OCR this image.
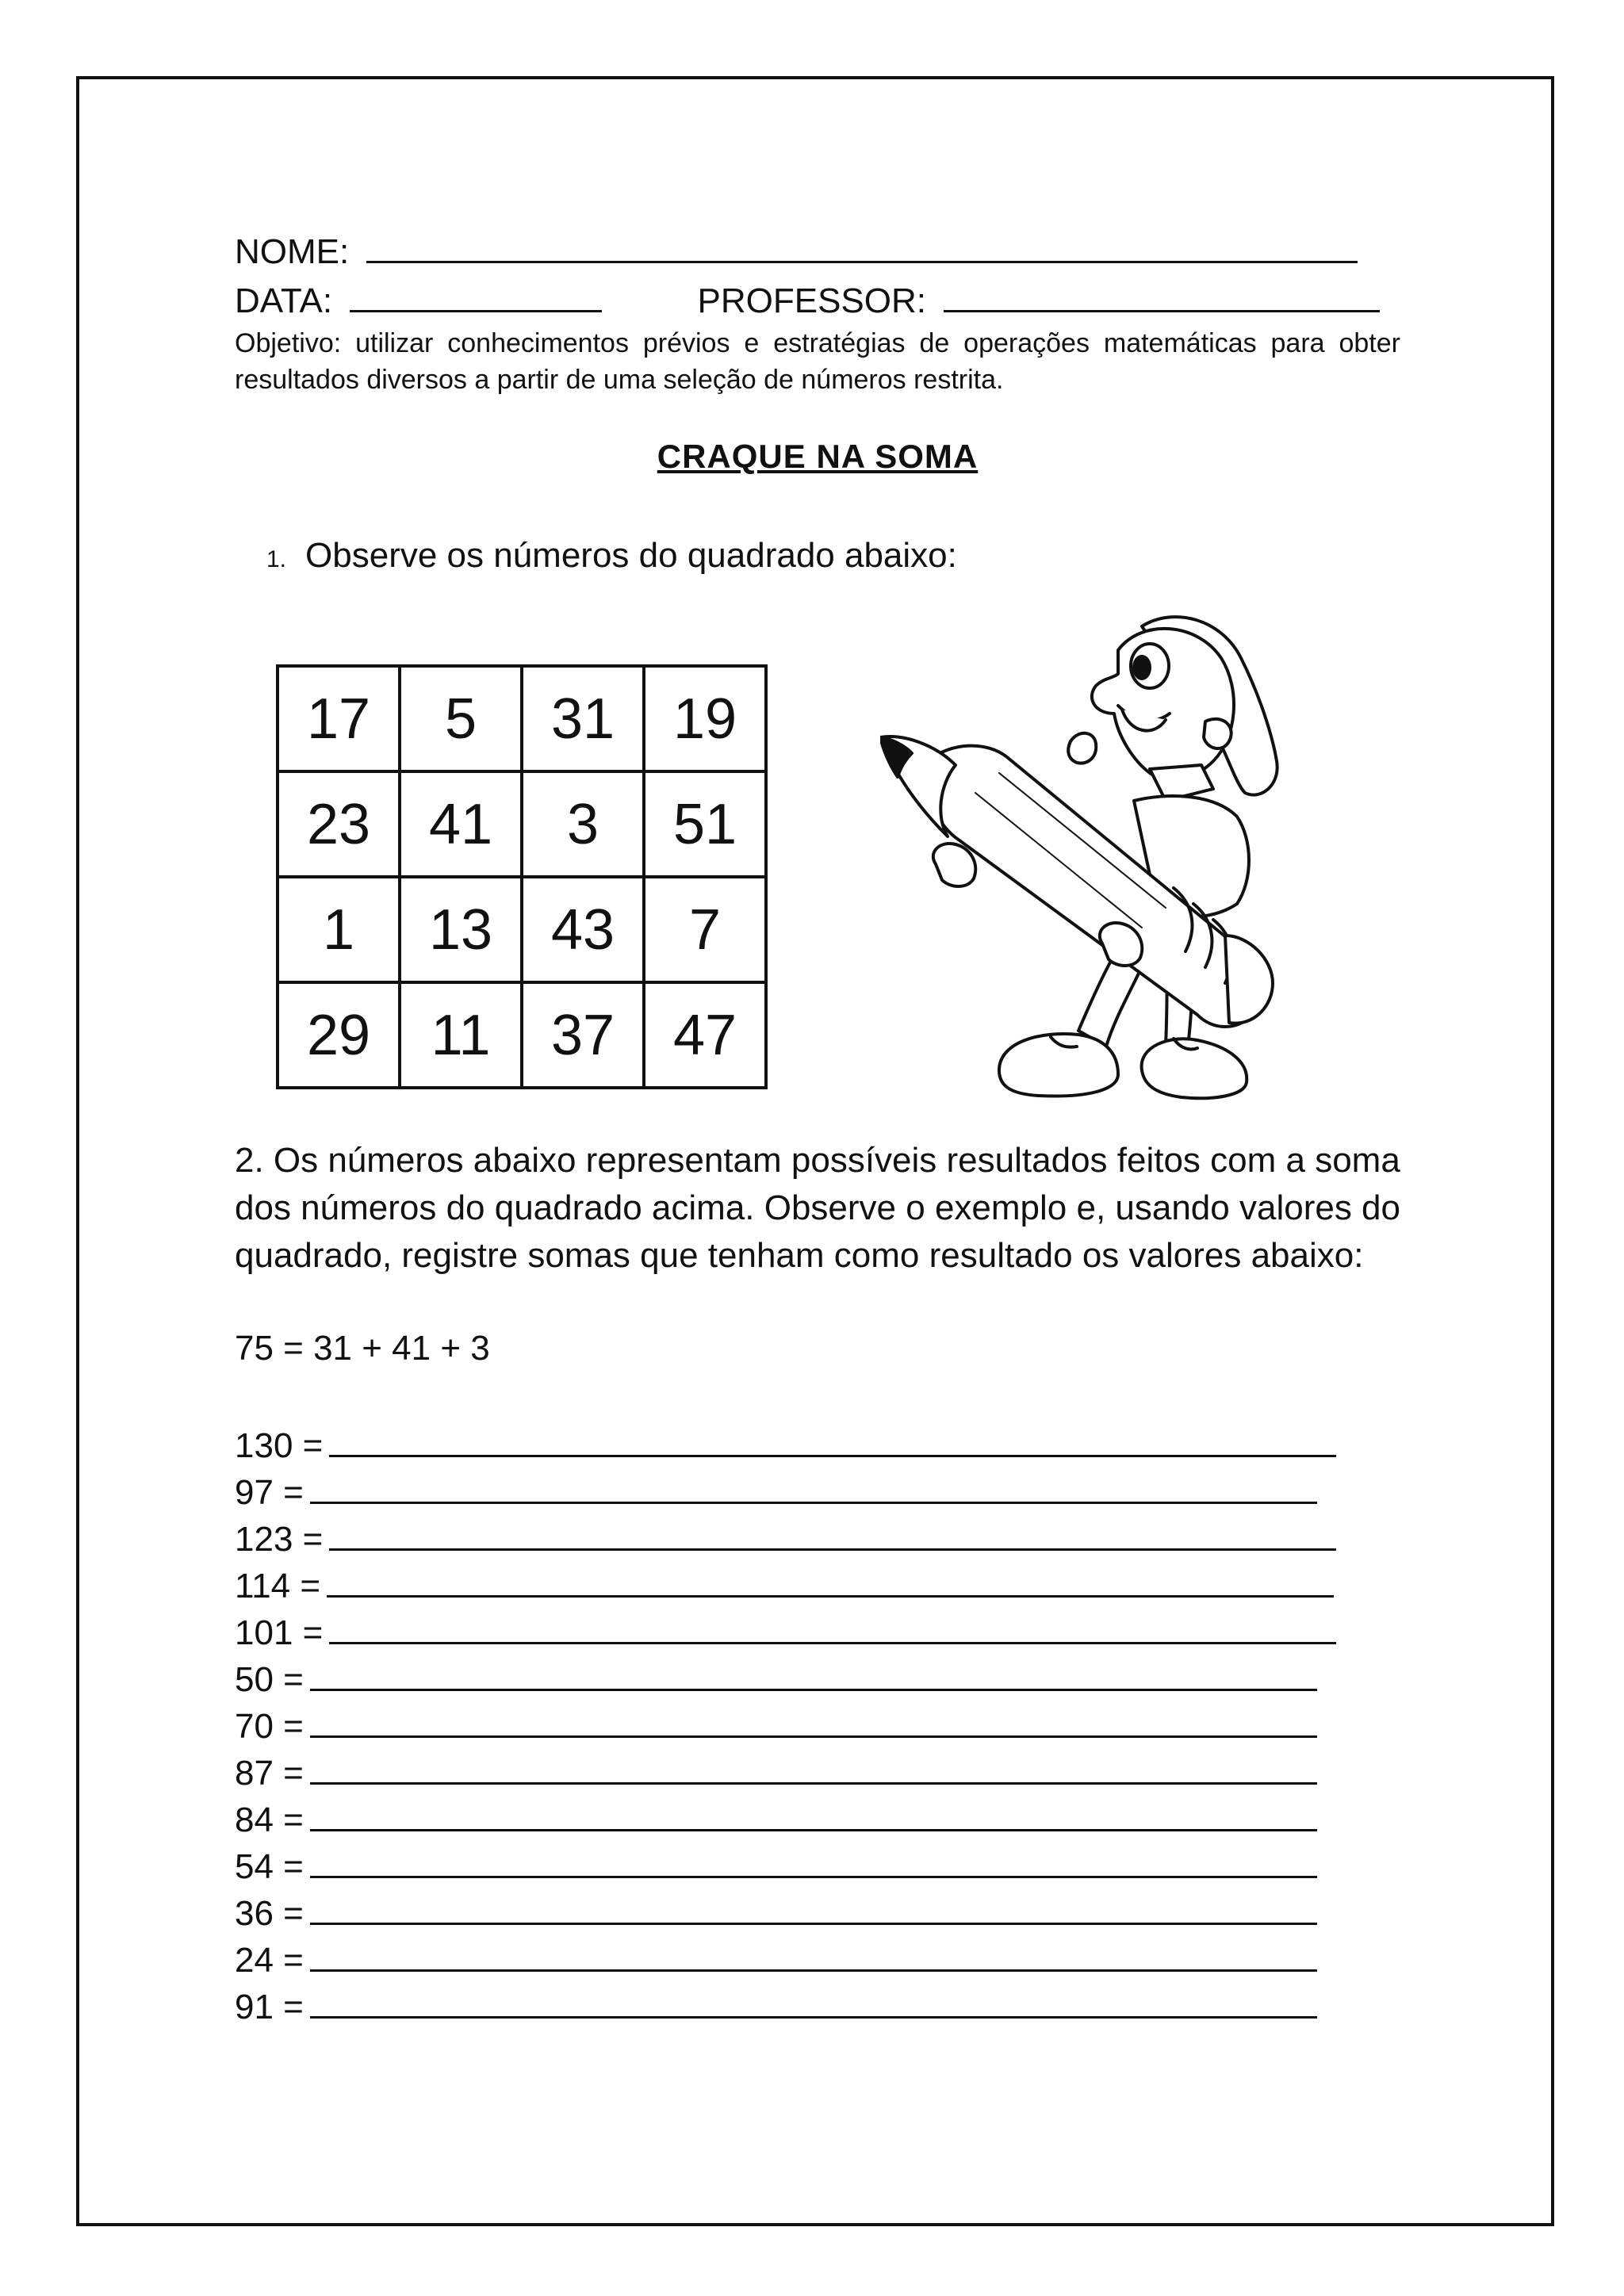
NOME:
DATA:	PROFESSOR:
Objetivo: utilizar conhecimentos prévios e estratégias de operações matemáticas para obter resultados diversos a partir de uma seleção de números restrita.
CRAQUE NA SOMA
1. Observe os números do quadrado abaixo:
17	5	31	19
23	41	3	51
1	13	43	7
29	11	37	47
2. Os números abaixo representam possíveis resultados feitos com a soma dos números do quadrado acima. Observe o exemplo e, usando valores do quadrado, registre somas que tenham como resultado os valores abaixo:
75 = 31 + 41 + 3
130 =
97 =
123 =
114 =
101 =
50 =
70 =
87 =
84 =
54 =
36 =
24 =
91 =
